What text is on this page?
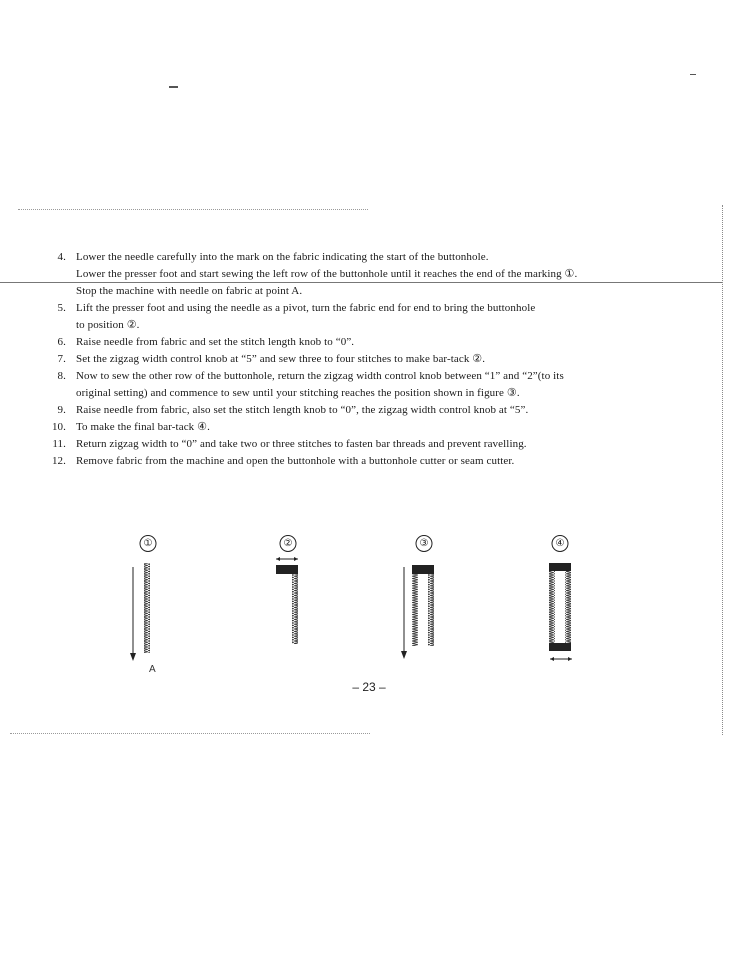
4. Lower the needle carefully into the mark on the fabric indicating the start of the buttonhole.
Lower the presser foot and start sewing the left row of the buttonhole until it reaches the end of the marking ①.
Stop the machine with needle on fabric at point A.
5. Lift the presser foot and using the needle as a pivot, turn the fabric end for end to bring the buttonhole
to position ②.
6. Raise needle from fabric and set the stitch length knob to “0”.
7. Set the zigzag width control knob at “5” and sew three to four stitches to make bar-tack ②.
8. Now to sew the other row of the buttonhole, return the zigzag width control knob between “1” and “2”(to its
original setting) and commence to sew until your stitching reaches the position shown in figure ③.
9. Raise needle from fabric, also set the stitch length knob to “0”, the zigzag width control knob at “5”.
10. To make the final bar-tack ④.
11. Return zigzag width to “0” and take two or three stitches to fasten bar threads and prevent ravelling.
12. Remove fabric from the machine and open the buttonhole with a buttonhole cutter or seam cutter.
①
A
②	③	④
– 23 –
